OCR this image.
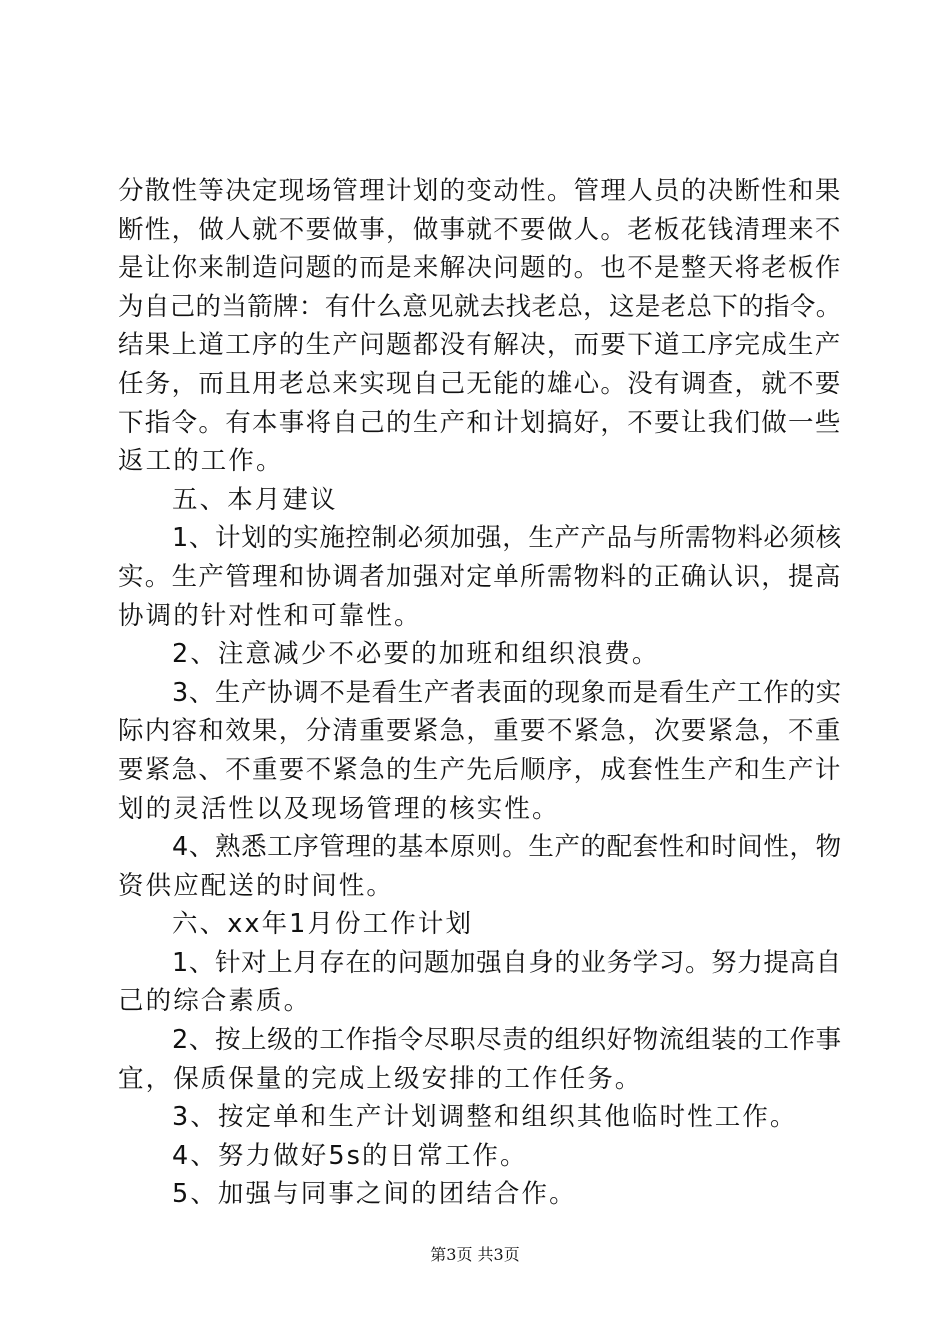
分散性等决定现场管理计划的变动性。管理人员的决断性和果
断性，做人就不要做事，做事就不要做人。老板花钱清理来不
是让你来制造问题的而是来解决问题的。也不是整天将老板作
为自己的当箭牌：有什么意见就去找老总，这是老总下的指令。
结果上道工序的生产问题都没有解决，而要下道工序完成生产
任务，而且用老总来实现自己无能的雄心。没有调查，就不要
下指令。有本事将自己的生产和计划搞好，不要让我们做一些
返工的工作。
五、本月建议
1、计划的实施控制必须加强，生产产品与所需物料必须核
实。生产管理和协调者加强对定单所需物料的正确认识，提高
协调的针对性和可靠性。
2、注意减少不必要的加班和组织浪费。
3、生产协调不是看生产者表面的现象而是看生产工作的实
际内容和效果，分清重要紧急，重要不紧急，次要紧急，不重
要紧急、不重要不紧急的生产先后顺序，成套性生产和生产计
划的灵活性以及现场管理的核实性。
4、熟悉工序管理的基本原则。生产的配套性和时间性，物
资供应配送的时间性。
六、xx年1月份工作计划
1、针对上月存在的问题加强自身的业务学习。努力提高自
己的综合素质。
2、按上级的工作指令尽职尽责的组织好物流组装的工作事
宜，保质保量的完成上级安排的工作任务。
3、按定单和生产计划调整和组织其他临时性工作。
4、努力做好5s的日常工作。
5、加强与同事之间的团结合作。
第3页 共3页
